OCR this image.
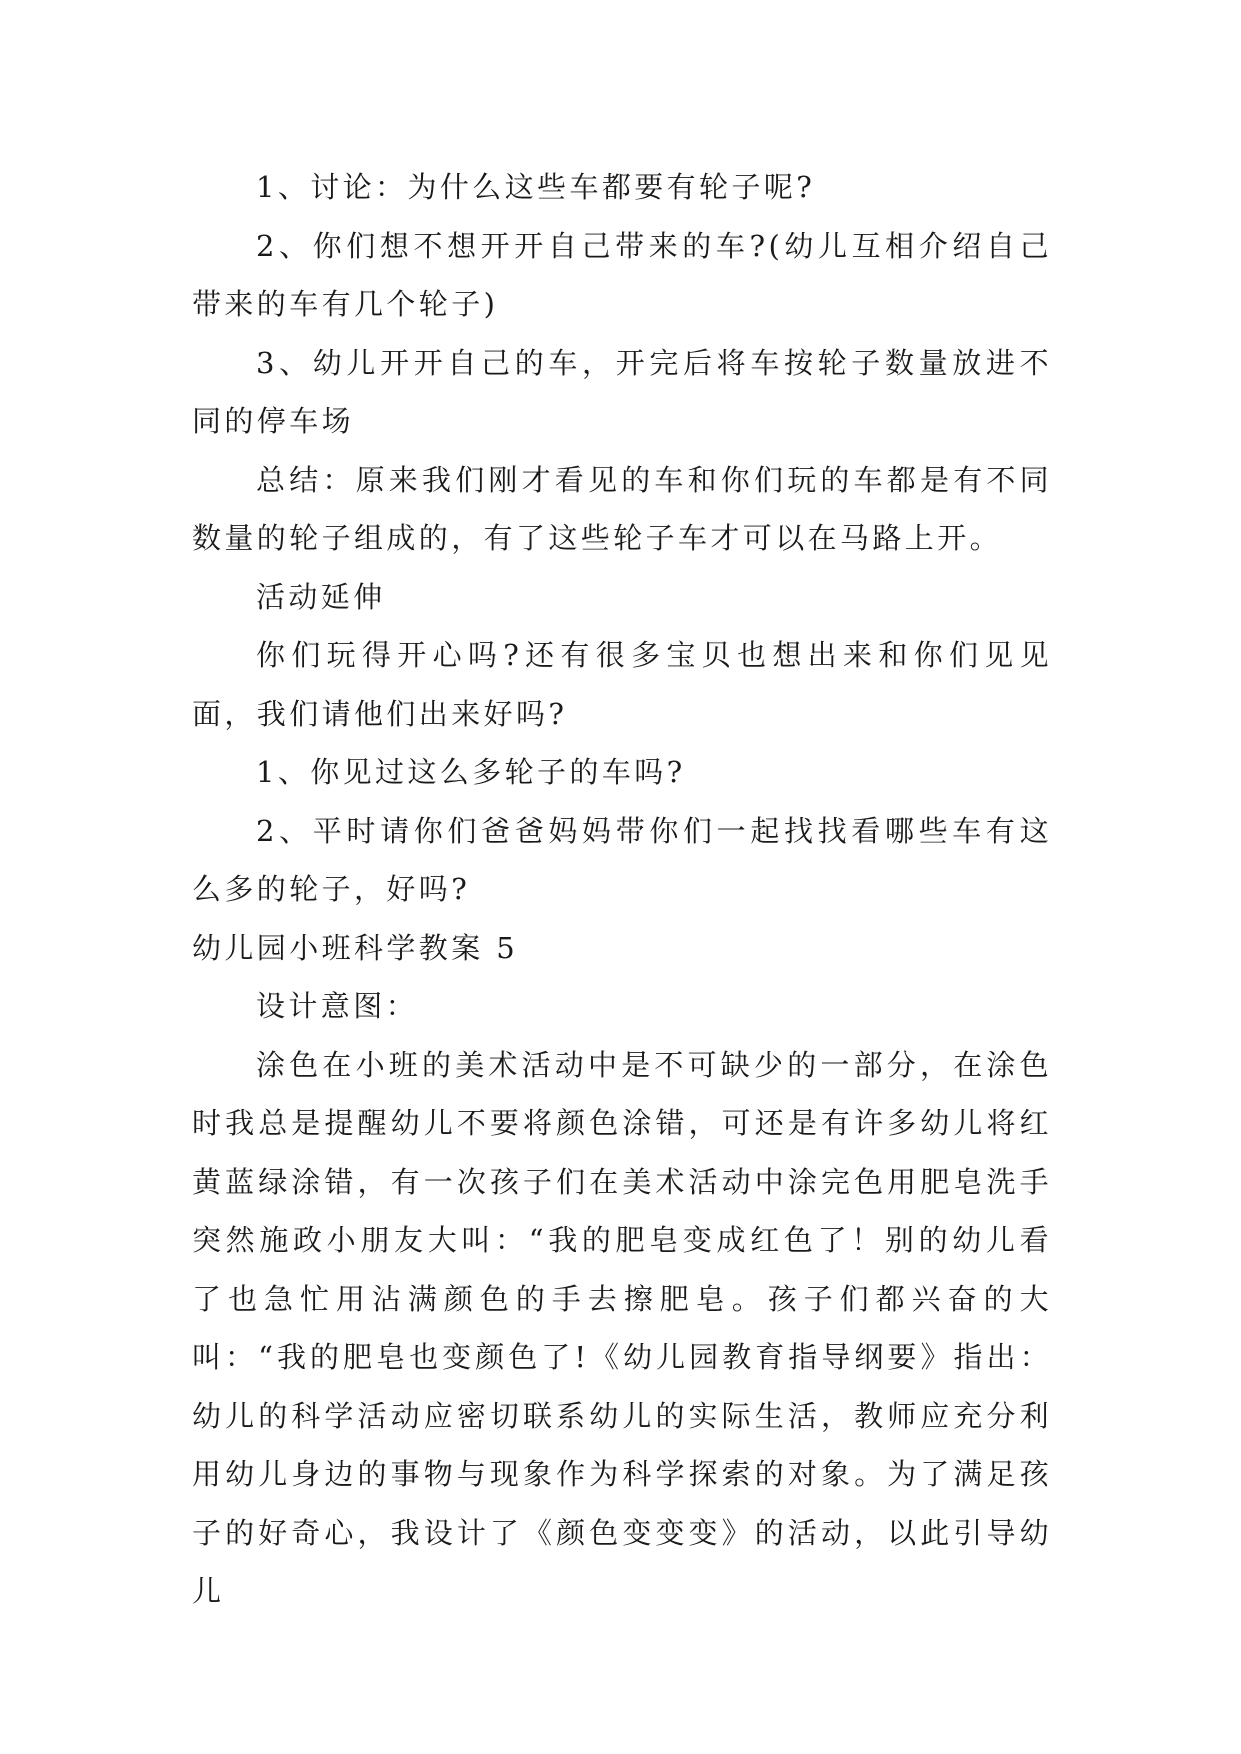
1、讨论：为什么这些车都要有轮子呢?

2、你们想不想开开自己带来的车?(幼儿互相介绍自己带来的车有几个轮子)

3、幼儿开开自己的车，开完后将车按轮子数量放进不同的停车场

总结：原来我们刚才看见的车和你们玩的车都是有不同数量的轮子组成的，有了这些轮子车才可以在马路上开。

活动延伸

你们玩得开心吗?还有很多宝贝也想出来和你们见见面，我们请他们出来好吗?

1、你见过这么多轮子的车吗?

2、平时请你们爸爸妈妈带你们一起找找看哪些车有这么多的轮子，好吗?

幼儿园小班科学教案 5

设计意图：

涂色在小班的美术活动中是不可缺少的一部分，在涂色时我总是提醒幼儿不要将颜色涂错，可还是有许多幼儿将红黄蓝绿涂错，有一次孩子们在美术活动中涂完色用肥皂洗手突然施政小朋友大叫：“我的肥皂变成红色了！别的幼儿看了也急忙用沾满颜色的手去擦肥皂。孩子们都兴奋的大叫：“我的肥皂也变颜色了!《幼儿园教育指导纲要》指出：幼儿的科学活动应密切联系幼儿的实际生活，教师应充分利用幼儿身边的事物与现象作为科学探索的对象。为了满足孩子的好奇心，我设计了《颜色变变变》的活动，以此引导幼儿
